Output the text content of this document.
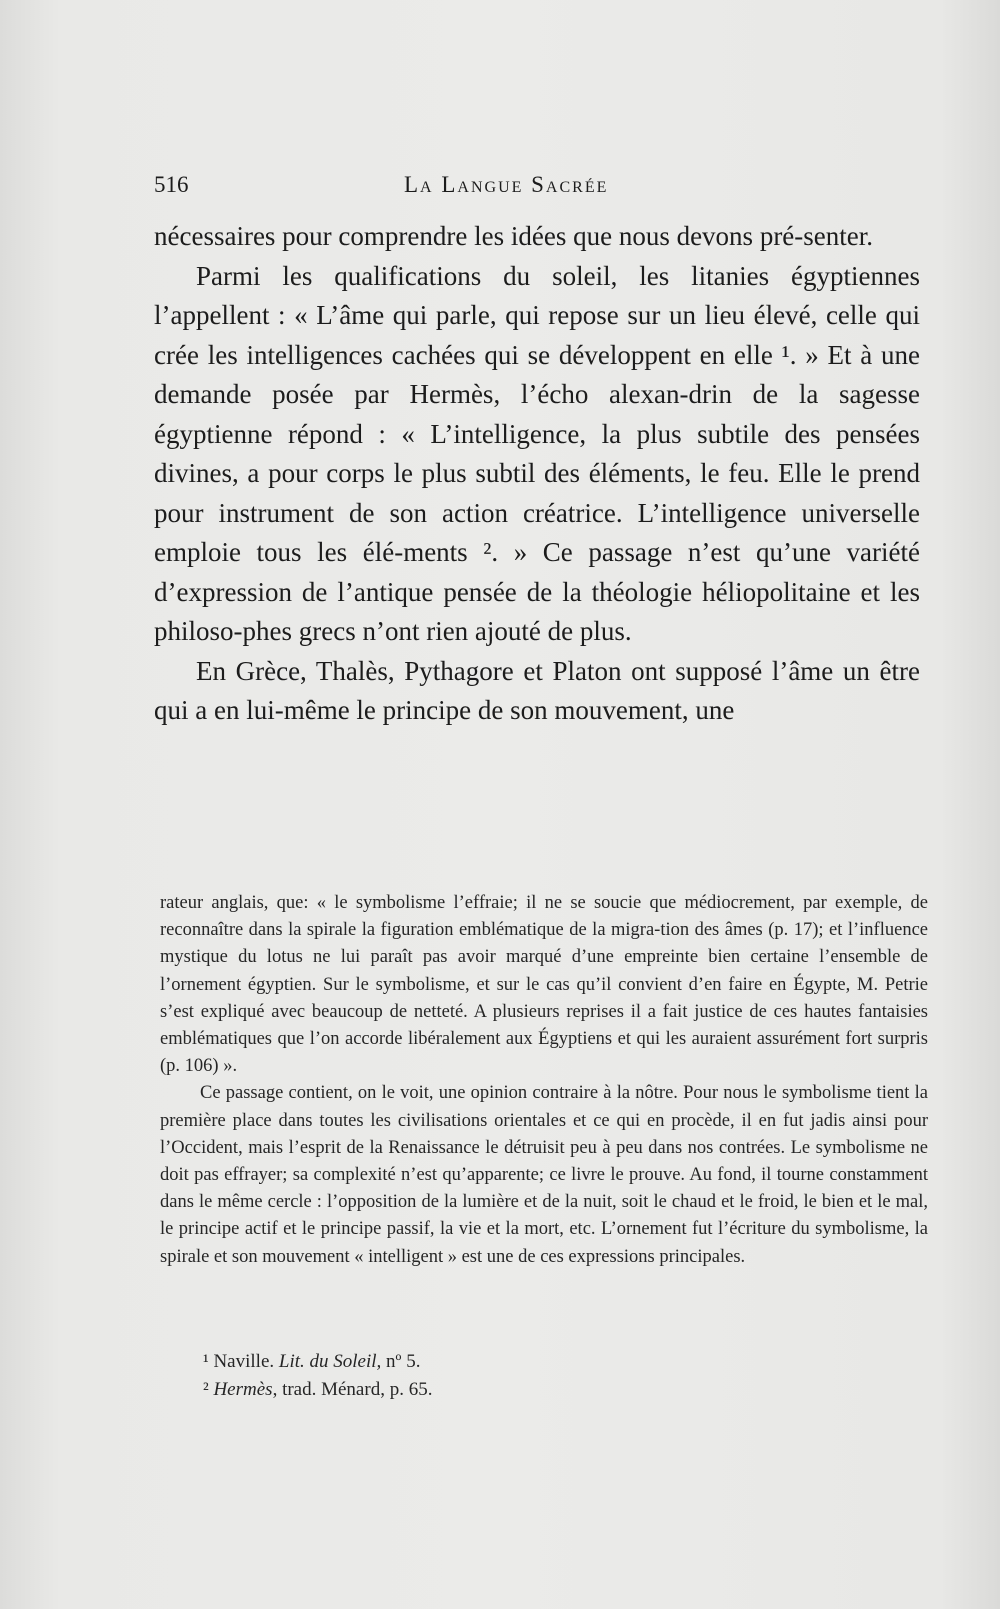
516	La Langue Sacrée

nécessaires pour comprendre les idées que nous devons pré-senter.

Parmi les qualifications du soleil, les litanies égyptiennes l’appellent : « L’âme qui parle, qui repose sur un lieu élevé, celle qui crée les intelligences cachées qui se développent en elle ¹. » Et à une demande posée par Hermès, l’écho alexan-drin de la sagesse égyptienne répond : « L’intelligence, la plus subtile des pensées divines, a pour corps le plus subtil des éléments, le feu. Elle le prend pour instrument de son action créatrice. L’intelligence universelle emploie tous les élé-ments ². » Ce passage n’est qu’une variété d’expression de l’antique pensée de la théologie héliopolitaine et les philoso-phes grecs n’ont rien ajouté de plus.

En Grèce, Thalès, Pythagore et Platon ont supposé l’âme un être qui a en lui-même le principe de son mouvement, une

rateur anglais, que: « le symbolisme l’effraie; il ne se soucie que médiocrement, par exemple, de reconnaître dans la spirale la figuration emblématique de la migra-tion des âmes (p. 17); et l’influence mystique du lotus ne lui paraît pas avoir marqué d’une empreinte bien certaine l’ensemble de l’ornement égyptien. Sur le symbolisme, et sur le cas qu’il convient d’en faire en Égypte, M. Petrie s’est expliqué avec beaucoup de netteté. A plusieurs reprises il a fait justice de ces hautes fantaisies emblématiques que l’on accorde libéralement aux Égyptiens et qui les auraient assurément fort surpris (p. 106) ».

Ce passage contient, on le voit, une opinion contraire à la nôtre. Pour nous le symbolisme tient la première place dans toutes les civilisations orientales et ce qui en procède, il en fut jadis ainsi pour l’Occident, mais l’esprit de la Renaissance le détruisit peu à peu dans nos contrées. Le symbolisme ne doit pas effrayer; sa complexité n’est qu’apparente; ce livre le prouve. Au fond, il tourne constamment dans le même cercle : l’opposition de la lumière et de la nuit, soit le chaud et le froid, le bien et le mal, le principe actif et le principe passif, la vie et la mort, etc. L’ornement fut l’écriture du symbolisme, la spirale et son mouvement « intelligent » est une de ces expressions principales.

¹ Naville. Lit. du Soleil, nº 5.
² Hermès, trad. Ménard, p. 65.
